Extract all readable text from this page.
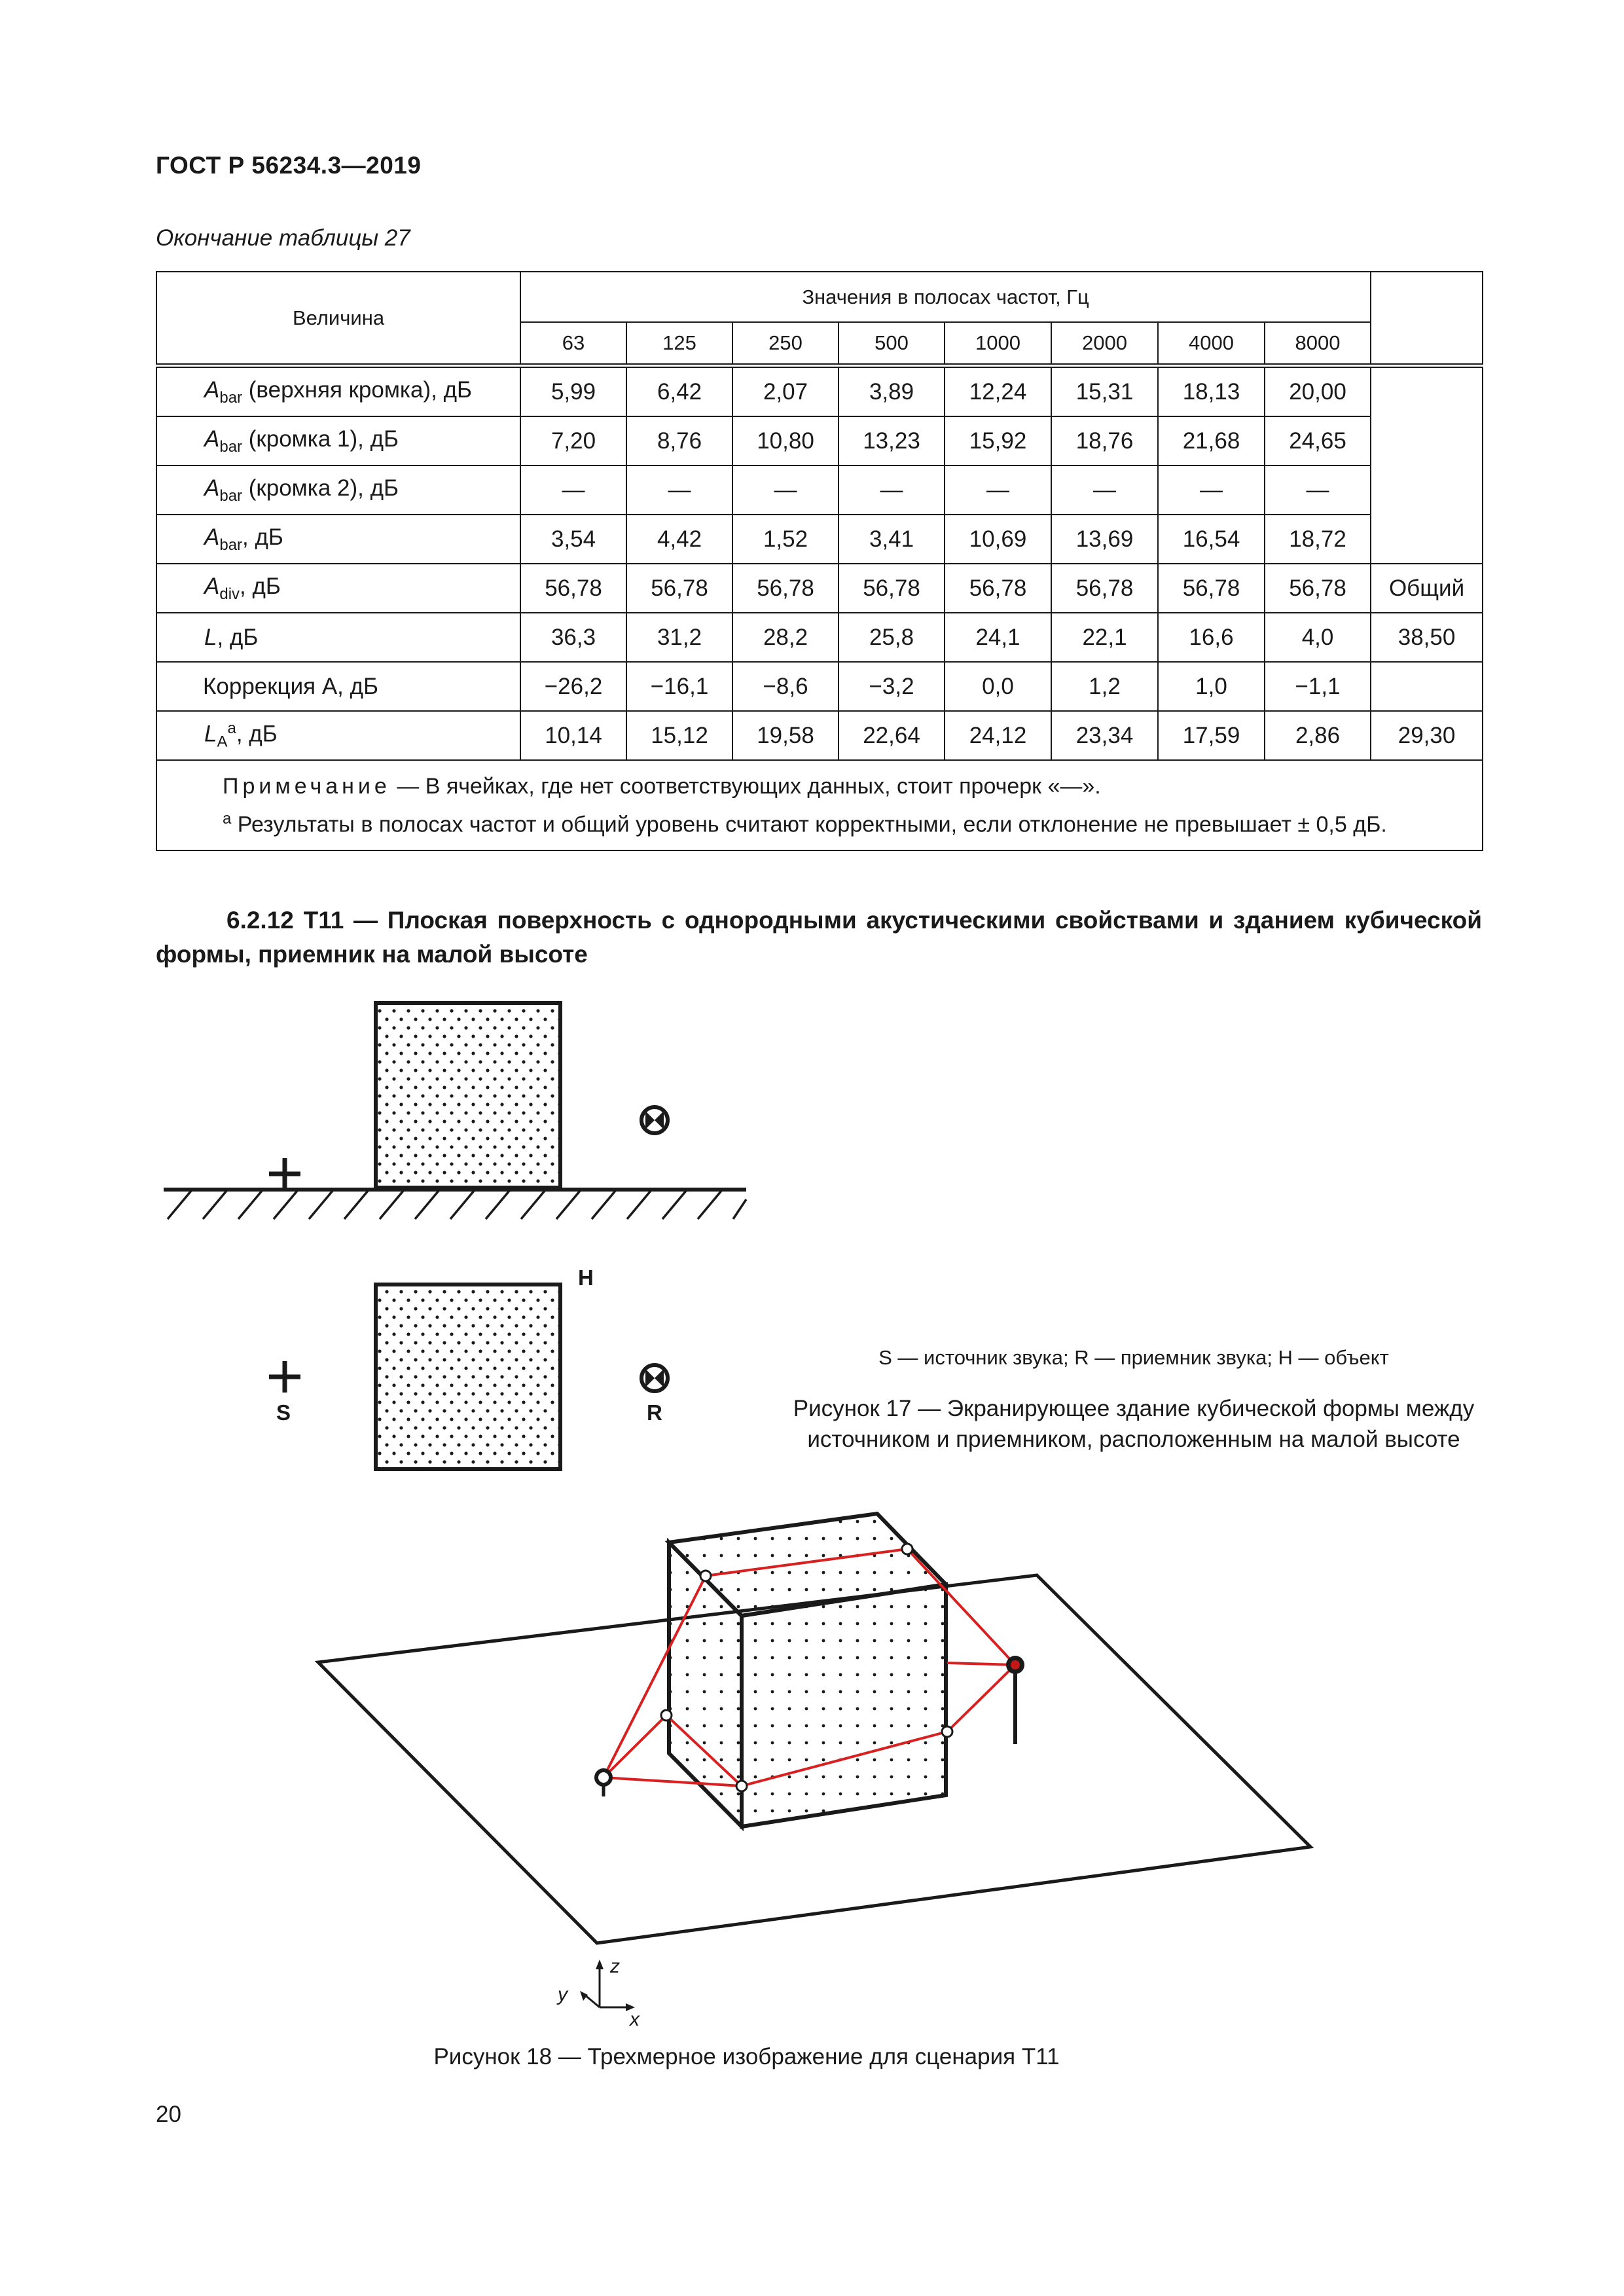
ГОСТ Р 56234.3—2019
Окончание таблицы 27
Величина	Значения в полосах частот, Гц								
	63	125	250	500	1000	2000	4000	8000	
$A_{bar}$ (верхняя кромка), дБ	5,99	6,42	2,07	3,89	12,24	15,31	18,13	20,00	
$A_{bar}$ (кромка 1), дБ	7,20	8,76	10,80	13,23	15,92	18,76	21,68	24,65	
$A_{bar}$ (кромка 2), дБ	—	—	—	—	—	—	—	—	
$A_{bar}$, дБ	3,54	4,42	1,52	3,41	10,69	13,69	16,54	18,72	
$A_{div}$, дБ	56,78	56,78	56,78	56,78	56,78	56,78	56,78	56,78	Общий
L, дБ	36,3	31,2	28,2	25,8	24,1	22,1	16,6	4,0	38,50
Коррекция А, дБ	−26,2	−16,1	−8,6	−3,2	0,0	1,2	1,0	−1,1	
$L_A^a$, дБ	10,14	15,12	19,58	22,64	24,12	23,34	17,59	2,86	29,30

Примечание — В ячейках, где нет соответствующих данных, стоит прочерк «—».
$^a$ Результаты в полосах частот и общий уровень считают корректными, если отклонение не превышает ± 0,5 дБ.									
6.2.12 T11 — Плоская поверхность с однородными акустическими свойствами и зданием кубической формы, приемник на малой высоте
H
S	R
z
y
x
S — источник звука; R — приемник звука; H — объект
Рисунок 17 — Экранирующее здание кубической формы между источником и приемником, расположенным на малой высоте
Рисунок 18 — Трехмерное изображение для сценария T11
20
